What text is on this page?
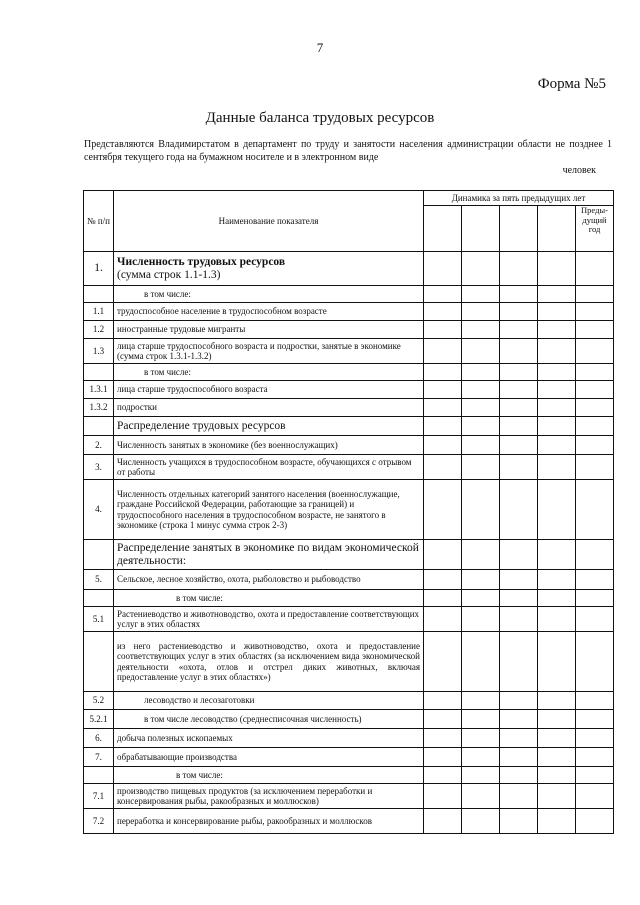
7
Форма №5
Данные баланса трудовых ресурсов
Представляются Владимирстатом в департамент по труду и занятости населения администрации области не позднее 1 сентября текущего года на бумажном носителе и в электронном виде
человек
№ п/п	Наименование показателя	Динамика за пять предыдущих лет				
						Преды-дущий год
1.	Численность трудовых ресурсов
(сумма строк 1.1-1.3)					

	в том числе:					
1.1	трудоспособное население в трудоспособном возрасте					
1.2	иностранные трудовые мигранты					
1.3	лица старше трудоспособного возраста и подростки, занятые в экономике (сумма строк 1.3.1-1.3.2)					
	в том числе:					
1.3.1	лица старше трудоспособного возраста					
1.3.2	подростки					
	Распределение трудовых ресурсов					
2.	Численность занятых в экономике (без военнослужащих)					
3.	Численность учащихся в трудоспособном возрасте, обучающихся с отрывом от работы					
4.	Численность отдельных категорий занятого населения (военнослужащие, граждане Российской Федерации, работающие за границей) и трудоспособного населения в трудоспособном возрасте, не занятого в экономике (строка 1 минус сумма строк 2-3)					
	Распределение занятых в экономике по видам экономической деятельности:					
5.	Сельское, лесное хозяйство, охота, рыболовство и рыбоводство					
	в том числе:					
5.1	Растениеводство и животноводство, охота и предоставление соответствующих услуг в этих областях					
	из него растениеводство и животноводство, охота и предоставление соответствующих услуг в этих областях (за исключением вида экономической деятельности «охота, отлов и отстрел диких животных, включая предоставление услуг в этих областях»)					
5.2	лесоводство и лесозаготовки					
5.2.1	в том числе лесоводство (среднесписочная численность)					
6.	добыча полезных ископаемых					
7.	обрабатывающие производства					
	в том числе:					
7.1	производство пищевых продуктов (за исключением переработки и консервирования рыбы, ракообразных и моллюсков)					
7.2	переработка и консервирование рыбы, ракообразных и моллюсков					
